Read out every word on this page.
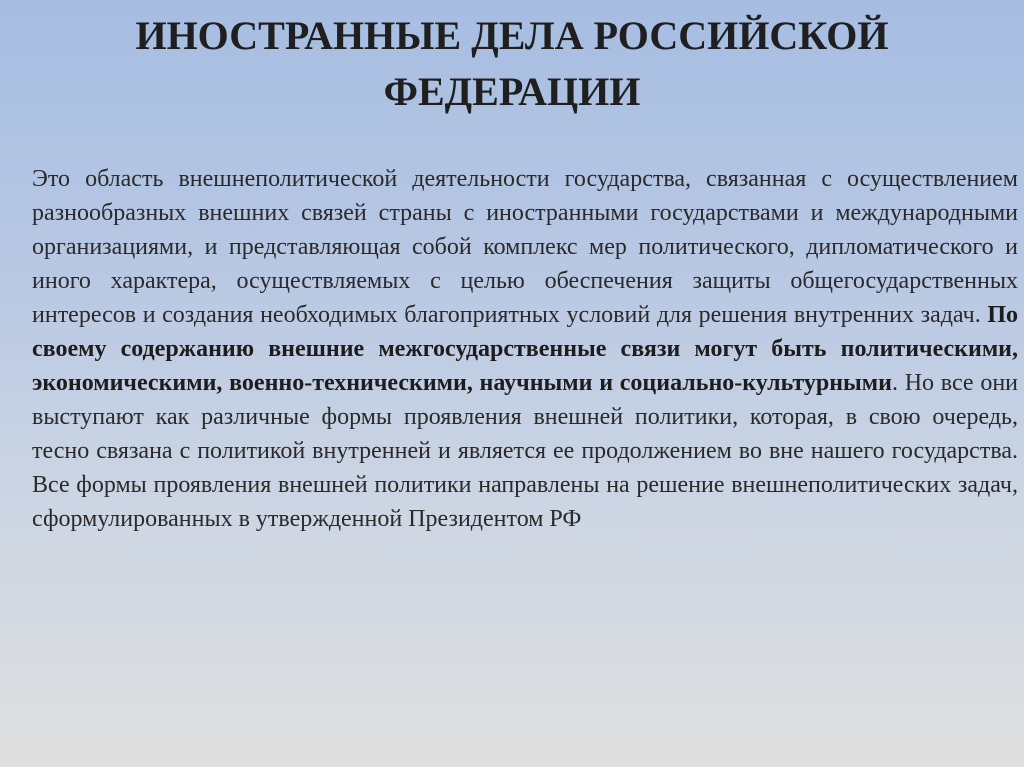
ИНОСТРАННЫЕ ДЕЛА РОССИЙСКОЙ
ФЕДЕРАЦИИ

Это область внешнеполитической деятельности государства, связанная с осуществлением разнообразных внешних связей страны с иностранными государствами и международными организациями, и представляющая собой комплекс мер политического, дипломатического и иного характера, осуществляемых с целью обеспечения защиты общегосударственных интересов и создания необходимых благоприятных условий для решения внутренних задач. По своему содержанию внешние межгосударственные связи могут быть политическими, экономическими, военно-техническими, научными и социально-культурными. Но все они выступают как различные формы проявления внешней политики, которая, в свою очередь, тесно связана с политикой внутренней и является ее продолжением во вне нашего государства. Все формы проявления внешней политики направлены на решение внешнеполитических задач, сформулированных в утвержденной Президентом РФ
